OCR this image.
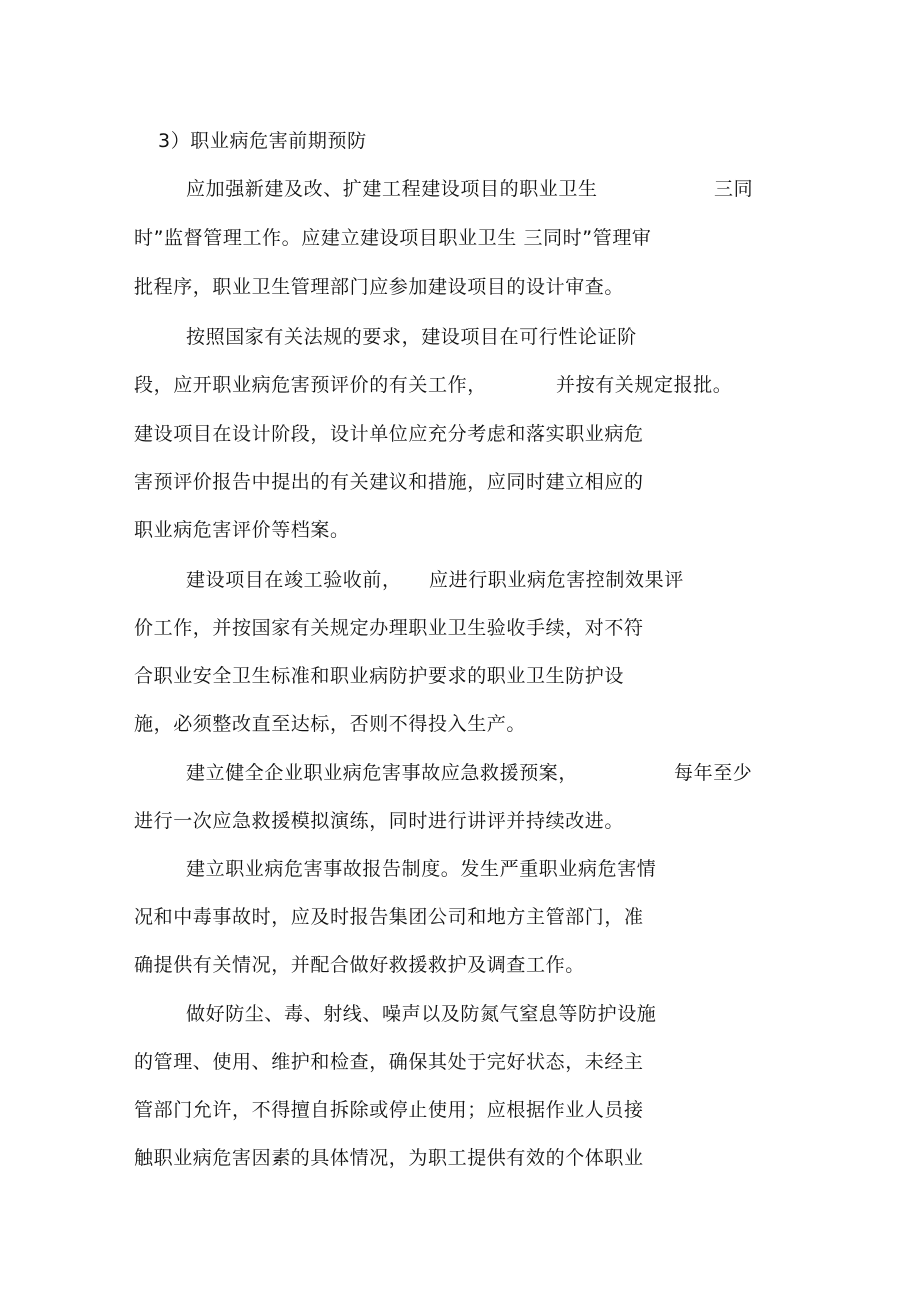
3）职业病危害前期预防
应加强新建及改、扩建工程建设项目的职业卫生	三同
时”监督管理工作。应建立建设项目职业卫生 三同时”管理审
批程序，职业卫生管理部门应参加建设项目的设计审查。
按照国家有关法规的要求，建设项目在可行性论证阶
段，应开职业病危害预评价的有关工作，	并按有关规定报批。
建设项目在设计阶段，设计单位应充分考虑和落实职业病危
害预评价报告中提出的有关建议和措施，应同时建立相应的
职业病危害评价等档案。
建设项目在竣工验收前， 应进行职业病危害控制效果评
价工作，并按国家有关规定办理职业卫生验收手续，对不符
合职业安全卫生标准和职业病防护要求的职业卫生防护设
施，必须整改直至达标，否则不得投入生产。
建立健全企业职业病危害事故应急救援预案，	每年至少
进行一次应急救援模拟演练，同时进行讲评并持续改进。
建立职业病危害事故报告制度。发生严重职业病危害情
况和中毒事故时，应及时报告集团公司和地方主管部门，准
确提供有关情况，并配合做好救援救护及调查工作。
做好防尘、毒、射线、噪声以及防氮气窒息等防护设施
的管理、使用、维护和检查，确保其处于完好状态，未经主
管部门允许，不得擅自拆除或停止使用；应根据作业人员接
触职业病危害因素的具体情况，为职工提供有效的个体职业
